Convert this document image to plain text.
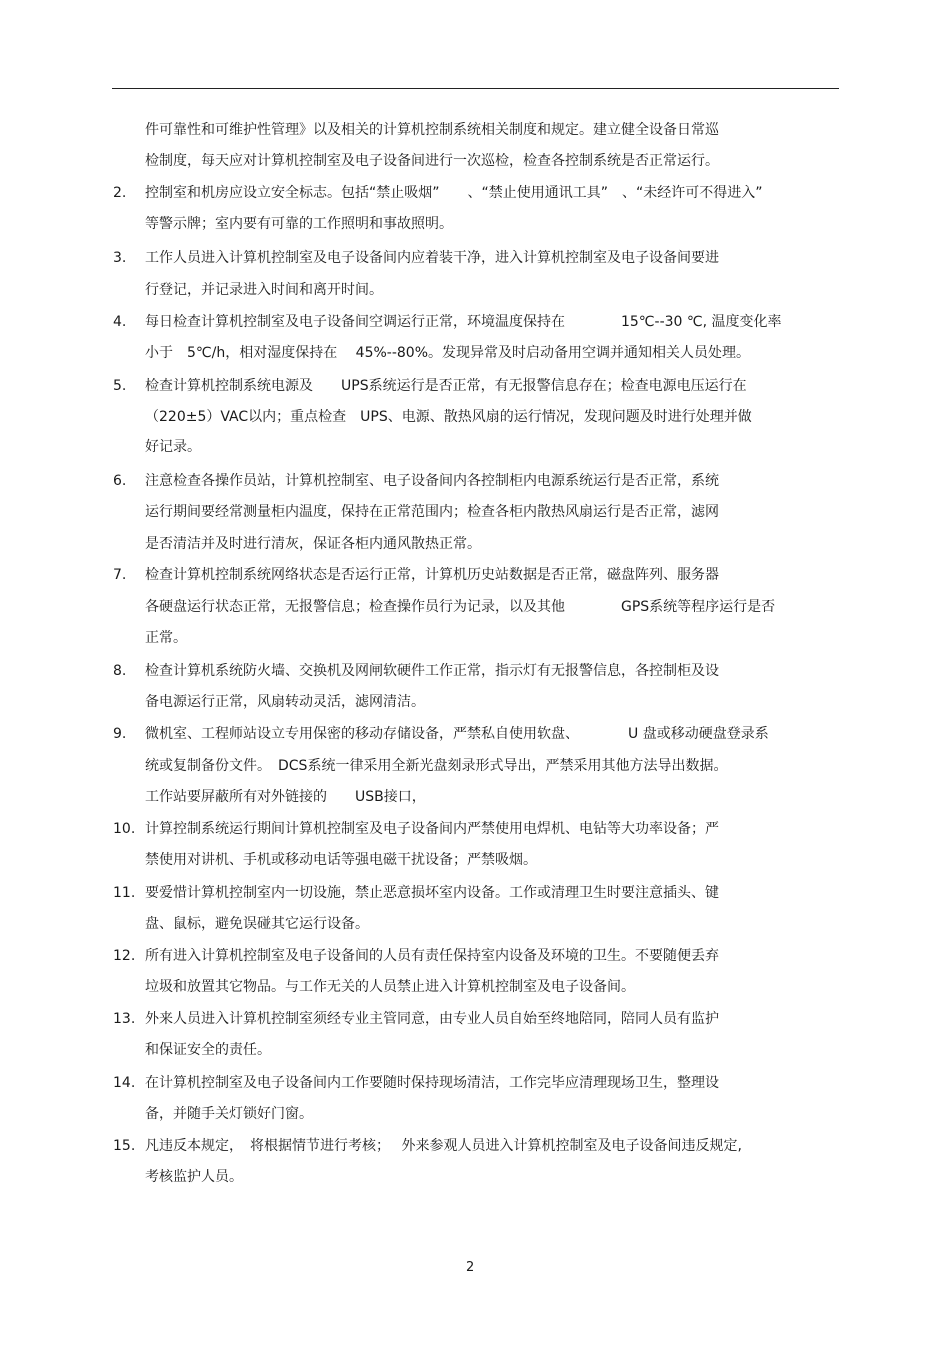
件可靠性和可维护性管理》以及相关的计算机控制系统相关制度和规定。建立健全设备日常巡
检制度，每天应对计算机控制室及电子设备间进行一次巡检，检查各控制系统是否正常运行。
2. 控制室和机房应设立安全标志。包括“禁止吸烟”　　、“禁止使用通讯工具”　、“未经许可不得进入”
等警示牌；室内要有可靠的工作照明和事故照明。
3. 工作人员进入计算机控制室及电子设备间内应着装干净，进入计算机控制室及电子设备间要进
行登记，并记录进入时间和离开时间。
4. 每日检查计算机控制室及电子设备间空调运行正常，环境温度保持在　　　　15℃--30 ℃, 温度变化率
小于　5℃/h，相对湿度保持在　 45%--80%。发现异常及时启动备用空调并通知相关人员处理。
5. 检查计算机控制系统电源及　　UPS系统运行是否正常，有无报警信息存在；检查电源电压运行在
（220±5）VAC以内；重点检查　UPS、电源、散热风扇的运行情况，发现问题及时进行处理并做
好记录。
6. 注意检查各操作员站，计算机控制室、电子设备间内各控制柜内电源系统运行是否正常，系统
运行期间要经常测量柜内温度，保持在正常范围内；检查各柜内散热风扇运行是否正常，滤网
是否清洁并及时进行清灰，保证各柜内通风散热正常。
7. 检查计算机控制系统网络状态是否运行正常，计算机历史站数据是否正常，磁盘阵列、服务器
各硬盘运行状态正常，无报警信息；检查操作员行为记录，以及其他　　　　GPS系统等程序运行是否
正常。
8. 检查计算机系统防火墙、交换机及网闸软硬件工作正常，指示灯有无报警信息，各控制柜及设
备电源运行正常，风扇转动灵活，滤网清洁。
9. 微机室、工程师站设立专用保密的移动存储设备，严禁私自使用软盘、　　　　U 盘或移动硬盘登录系
统或复制备份文件。　DCS系统一律采用全新光盘刻录形式导出，严禁采用其他方法导出数据。
工作站要屏蔽所有对外链接的　　USB接口，
10. 计算控制系统运行期间计算机控制室及电子设备间内严禁使用电焊机、电钻等大功率设备；严
禁使用对讲机、手机或移动电话等强电磁干扰设备；严禁吸烟。
11. 要爱惜计算机控制室内一切设施，禁止恶意损坏室内设备。工作或清理卫生时要注意插头、键
盘、鼠标，避免误碰其它运行设备。
12. 所有进入计算机控制室及电子设备间的人员有责任保持室内设备及环境的卫生。不要随便丢弃
垃圾和放置其它物品。与工作无关的人员禁止进入计算机控制室及电子设备间。
13. 外来人员进入计算机控制室须经专业主管同意，由专业人员自始至终地陪同，陪同人员有监护
和保证安全的责任。
14. 在计算机控制室及电子设备间内工作要随时保持现场清洁，工作完毕应清理现场卫生，整理设
备，并随手关灯锁好门窗。
15. 凡违反本规定，　将根据情节进行考核；　 外来参观人员进入计算机控制室及电子设备间违反规定,
考核监护人员。
2
